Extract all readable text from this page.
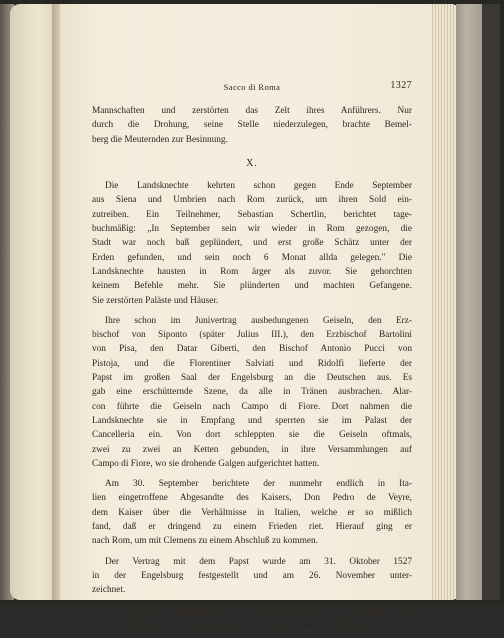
Sacco di Roma	1327
Mannschaften und zerstörten das Zelt ihres Anführers. Nur
durch die Drohung, seine Stelle niederzulegen, brachte Bemel-
berg die Meuternden zur Besinnung.
X.
Die Landsknechte kehrten schon gegen Ende September
aus Siena und Umbrien nach Rom zurück, um ihren Sold ein-
zutreiben. Ein Teilnehmer, Sebastian Schertlin, berichtet tage-
buchmäßig: „In September sein wir wieder in Rom gezogen, die
Stadt war noch baß geplündert, und erst große Schätz unter der
Erden gefunden, und sein noch 6 Monat allda gelegen." Die
Landsknechte hausten in Rom ärger als zuvor. Sie gehorchten
keinem Befehle mehr. Sie plünderten und machten Gefangene.
Sie zerstörten Paläste und Häuser.
Ihre schon im Junivertrag ausbedungenen Geiseln, den Erz-
bischof von Siponto (später Julius III.), den Erzbischof Bartolini
von Pisa, den Datar Giberti, den Bischof Antonio Pucci von
Pistoja, und die Florentiner Salviati und Ridolfi lieferte der
Papst im großen Saal der Engelsburg an die Deutschen aus. Es
gab eine erschütternde Szene, da alle in Tränen ausbrachen. Alar-
con führte die Geiseln nach Campo di Fiore. Dort nahmen die
Landsknechte sie in Empfang und sperrten sie im Palast der
Cancelleria ein. Von dort schleppten sie die Geiseln oftmals,
zwei zu zwei an Ketten gebunden, in ihre Versammlungen auf
Campo di Fiore, wo sie drohende Galgen aufgerichtet hatten.
Am 30. September berichtete der nunmehr endlich in Ita-
lien eingetroffene Abgesandte des Kaisers, Don Pedro de Veyre,
dem Kaiser über die Verhältnisse in Italien, welche er so mißlich
fand, daß er dringend zu einem Frieden riet. Hierauf ging er
nach Rom, um mit Clemens zu einem Abschluß zu kommen.
Der Vertrag mit dem Papst wurde am 31. Oktober 1527
in der Engelsburg festgestellt und am 26. November unter-
zeichnet.
Der Kaiser verpflichtete sich, dem Papste die Freiheit und
den Kirchenstaat zurückzugeben, unter der Bedingung seiner
